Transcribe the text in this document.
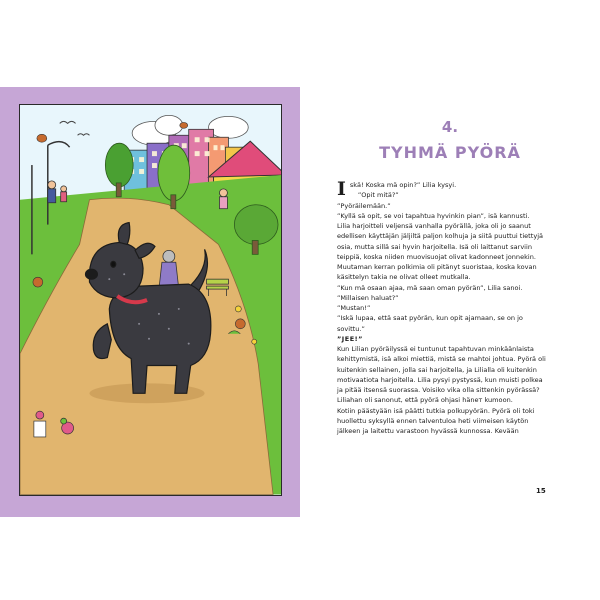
4.
TYHMÄ PYÖRÄ

Iskä! Koska mä opin?” Lilia kysyi.

”Opit mitä?”

”Pyöräilemään.”

”Kyllä sä opit, se voi tapahtua hyvinkin pian”, isä kannusti.

Lilia harjoitteli veljensä vanhalla pyörällä, joka oli jo saanut edellisen käyttäjän jäljiltä paljon kolhuja ja siitä puuttui tiettyjä osia, mutta sillä sai hyvin harjoitella. Isä oli laittanut sarviin teippiä, koska niiden muovisuojat olivat kadonneet jonnekin. Muutaman kerran polkimia oli pitänyt suoristaa, koska kovan käsittelyn takia ne olivat olleet mutkalla.

”Kun mä osaan ajaa, mä saan oman pyörän”, Lilia sanoi.

”Millaisen haluat?”

”Mustan!”

”Iskä lupaa, että saat pyörän, kun opit ajamaan, se on jo sovittu.”

”JEE!”

Kun Lilian pyöräilyssä ei tuntunut tapahtuvan minkäänlaista kehittymistä, isä alkoi miettiä, mistä se mahtoi johtua. Pyörä oli kuitenkin sellainen, jolla sai harjoitella, ja Lilialla oli kuitenkin motivaatiota harjoitella. Lilia pysyi pystyssä, kun muisti polkea ja pitää itsensä suorassa. Voisiko vika olla sittenkin pyörässä? Liliahan oli sanonut, että pyörä ohjasi häneт kumoon.

Kotiin päästyään isä päätti tutkia polkupyörän. Pyörä oli toki huollettu syksyllä ennen talventuloa heti viimeisen käytön jälkeen ja laitettu varastoon hyvässä kunnossa. Kevään

15
